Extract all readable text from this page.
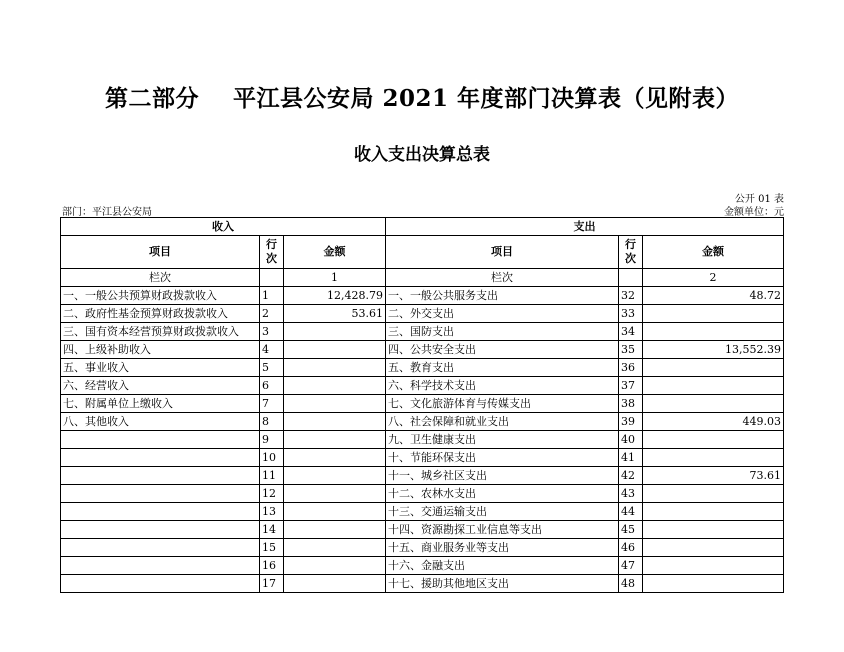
第二部分    平江县公安局 2021 年度部门决算表（见附表）
收入支出决算总表
公开 01 表
部门：平江县公安局	金额单位：元
收入			支出		
项目	行次	金额	项目	行次	金额
栏次		1	栏次		2
一、一般公共预算财政拨款收入	1	12,428.79	一、一般公共服务支出	32	48.72
二、政府性基金预算财政拨款收入	2	53.61	二、外交支出	33	
三、国有资本经营预算财政拨款收入	3		三、国防支出	34	
四、上级补助收入	4		四、公共安全支出	35	13,552.39
五、事业收入	5		五、教育支出	36	
六、经营收入	6		六、科学技术支出	37	
七、附属单位上缴收入	7		七、文化旅游体育与传媒支出	38	
八、其他收入	8		八、社会保障和就业支出	39	449.03
	9		九、卫生健康支出	40	
	10		十、节能环保支出	41	
	11		十一、城乡社区支出	42	73.61
	12		十二、农林水支出	43	
	13		十三、交通运输支出	44	
	14		十四、资源勘探工业信息等支出	45	
	15		十五、商业服务业等支出	46	
	16		十六、金融支出	47	
	17		十七、援助其他地区支出	48	
